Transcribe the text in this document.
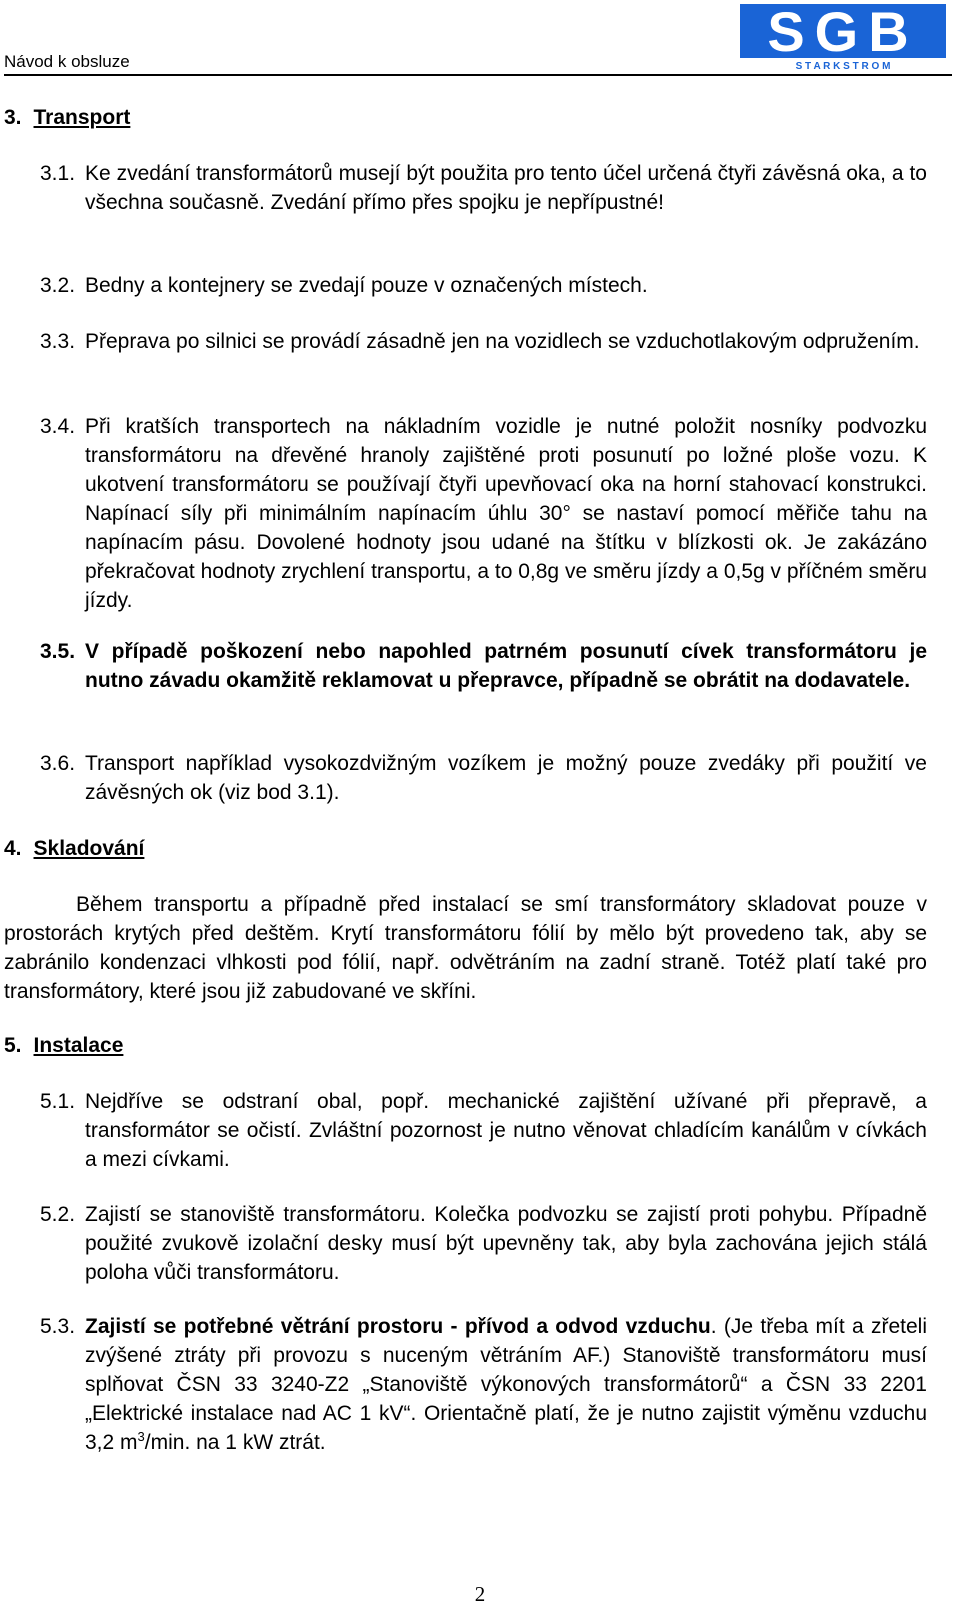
Návod k obsluze	SGB
S T A R K S T R O M
3. Transport
3.1. Ke zvedání transformátorů musejí být použita pro tento účel určená čtyři závěsná oka, a to všechna současně. Zvedání přímo přes spojku je nepřípustné!
3.2. Bedny a kontejnery se zvedají pouze v označených místech.
3.3. Přeprava po silnici se provádí zásadně jen na vozidlech se vzduchotlakovým odpružením.
3.4. Při kratších transportech na nákladním vozidle je nutné položit nosníky podvozku transformátoru na dřevěné hranoly zajištěné proti posunutí po ložné ploše vozu. K ukotvení transformátoru se používají čtyři upevňovací oka na horní stahovací konstrukci. Napínací síly při minimálním napínacím úhlu 30° se nastaví pomocí měřiče tahu na napínacím pásu. Dovolené hodnoty jsou udané na štítku v blízkosti ok. Je zakázáno překračovat hodnoty zrychlení transportu, a to 0,8g ve směru jízdy a 0,5g v příčném směru jízdy.
3.5. V případě poškození nebo napohled patrném posunutí cívek transformátoru je nutno závadu okamžitě reklamovat u přepravce, případně se obrátit na dodavatele.
3.6. Transport například vysokozdvižným vozíkem je možný pouze zvedáky při použití ve závěsných ok (viz bod 3.1).
4. Skladování
Během transportu a případně před instalací se smí transformátory skladovat pouze v prostorách krytých před deštěm. Krytí transformátoru fólií by mělo být provedeno tak, aby se zabránilo kondenzaci vlhkosti pod fólií, např. odvětráním na zadní straně. Totéž platí také pro transformátory, které jsou již zabudované ve skříni.
5. Instalace
5.1. Nejdříve se odstraní obal, popř. mechanické zajištění užívané při přepravě, a transformátor se očistí. Zvláštní pozornost je nutno věnovat chladícím kanálům v cívkách a mezi cívkami.
5.2. Zajistí se stanoviště transformátoru. Kolečka podvozku se zajistí proti pohybu. Případně použité zvukově izolační desky musí být upevněny tak, aby byla zachována jejich stálá poloha vůči transformátoru.
5.3. Zajistí se potřebné větrání prostoru - přívod a odvod vzduchu. (Je třeba mít a zřeteli zvýšené ztráty při provozu s nuceným větráním AF.) Stanoviště transformátoru musí splňovat ČSN 33 3240-Z2 „Stanoviště výkonových transformátorů“ a ČSN 33 2201 „Elektrické instalace nad AC 1 kV“. Orientačně platí, že je nutno zajistit výměnu vzduchu 3,2 $m^3/\min$. na 1 kW ztrát.
2
